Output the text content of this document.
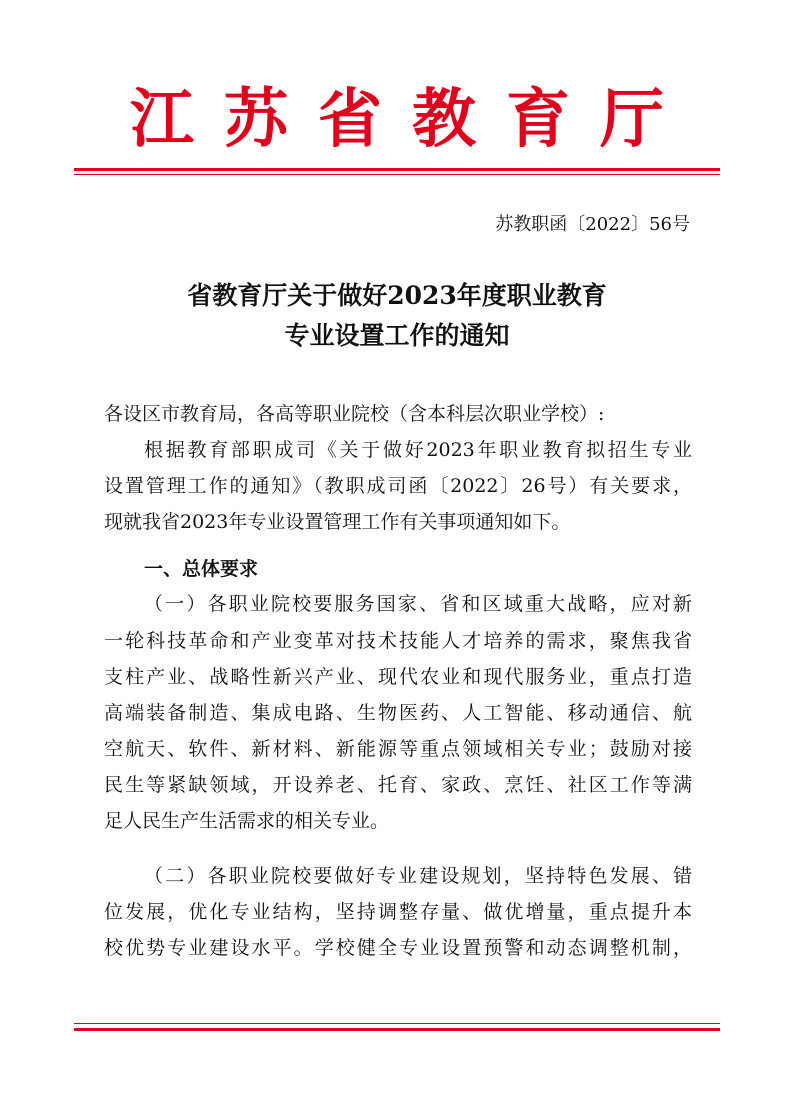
江苏省教育厅
苏教职函〔2022〕56号
省教育厅关于做好2023年度职业教育
专业设置工作的通知
各设区市教育局，各高等职业院校（含本科层次职业学校）:
根据教育部职成司《关于做好2023年职业教育拟招生专业
设置管理工作的通知》（教职成司函〔2022〕26号）有关要求，
现就我省2023年专业设置管理工作有关事项通知如下。
一、总体要求
（一）各职业院校要服务国家、省和区域重大战略，应对新
一轮科技革命和产业变革对技术技能人才培养的需求，聚焦我省
支柱产业、战略性新兴产业、现代农业和现代服务业，重点打造
高端装备制造、集成电路、生物医药、人工智能、移动通信、航
空航天、软件、新材料、新能源等重点领域相关专业；鼓励对接
民生等紧缺领域，开设养老、托育、家政、烹饪、社区工作等满
足人民生产生活需求的相关专业。
（二）各职业院校要做好专业建设规划，坚持特色发展、错
位发展，优化专业结构，坚持调整存量、做优增量，重点提升本
校优势专业建设水平。学校健全专业设置预警和动态调整机制，
